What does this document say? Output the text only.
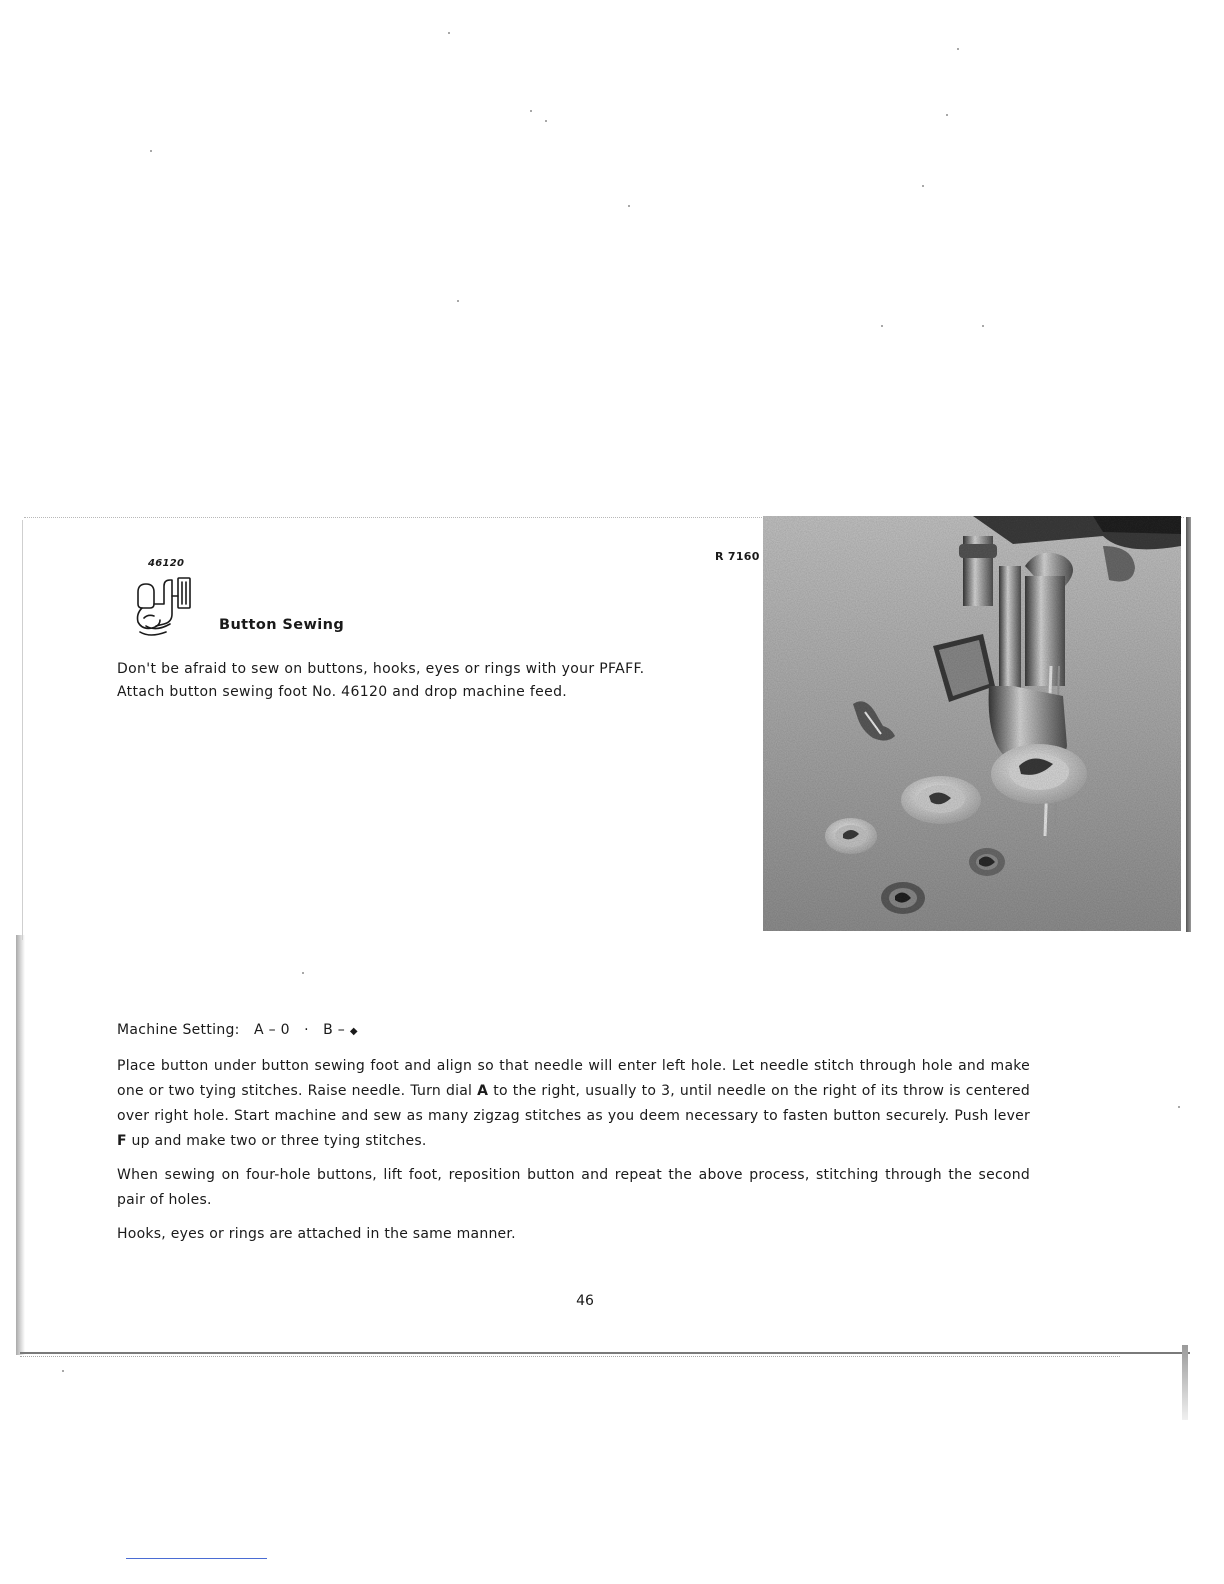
46120
Button Sewing

Don't be afraid to sew on buttons, hooks, eyes or rings with your PFAFF.

Attach button sewing foot No. 46120 and drop machine feed.

R 7160
Machine Setting: A – 0 · B – ◆

Place button under button sewing foot and align so that needle will enter left hole. Let needle stitch through hole and make one or two tying stitches. Raise needle. Turn dial A to the right, usually to 3, until needle on the right of its throw is centered over right hole. Start machine and sew as many zigzag stitches as you deem necessary to fasten button securely. Push lever F up and make two or three tying stitches.

When sewing on four-hole buttons, lift foot, reposition button and repeat the above process, stitching through the second pair of holes.

Hooks, eyes or rings are attached in the same manner.

46
